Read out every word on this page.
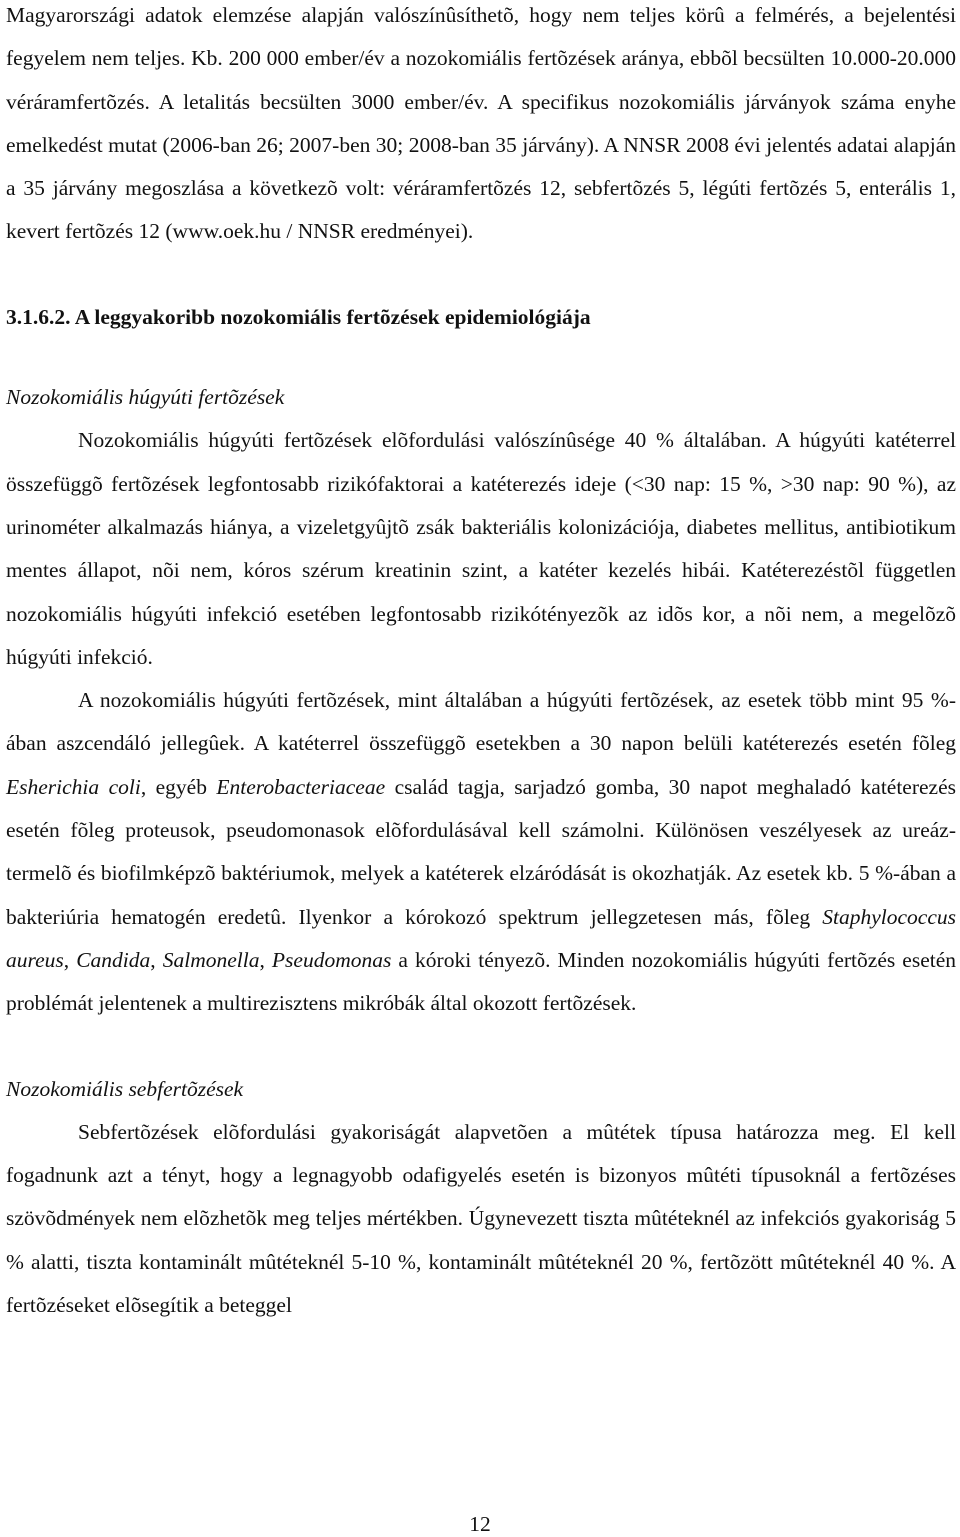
Magyarországi adatok elemzése alapján valószínûsíthetõ, hogy nem teljes körû a felmérés, a bejelentési fegyelem nem teljes. Kb. 200 000 ember/év a nozokomiális fertõzések aránya, ebbõl becsülten 10.000-20.000 véráramfertõzés. A letalitás becsülten 3000 ember/év. A specifikus nozokomiális járványok száma enyhe emelkedést mutat (2006-ban 26; 2007-ben 30; 2008-ban 35 járvány). A NNSR 2008 évi jelentés adatai alapján a 35 járvány megoszlása a következõ volt: véráramfertõzés 12, sebfertõzés 5, légúti fertõzés 5, enterális 1, kevert fertõzés 12 (www.oek.hu / NNSR eredményei).

3.1.6.2. A leggyakoribb nozokomiális fertõzések epidemiológiája

Nozokomiális húgyúti fertõzések

Nozokomiális húgyúti fertõzések elõfordulási valószínûsége 40 % általában. A húgyúti katéterrel összefüggõ fertõzések legfontosabb rizikófaktorai a katéterezés ideje (<30 nap: 15 %, >30 nap: 90 %), az urinométer alkalmazás hiánya, a vizeletgyûjtõ zsák bakteriális kolonizációja, diabetes mellitus, antibiotikum mentes állapot, nõi nem, kóros szérum kreatinin szint, a katéter kezelés hibái. Katéterezéstõl független nozokomiális húgyúti infekció esetében legfontosabb rizikótényezõk az idõs kor, a nõi nem, a megelõzõ húgyúti infekció.

A nozokomiális húgyúti fertõzések, mint általában a húgyúti fertõzések, az esetek több mint 95 %-ában aszcendáló jellegûek. A katéterrel összefüggõ esetekben a 30 napon belüli katéterezés esetén fõleg Esherichia coli, egyéb Enterobacteriaceae család tagja, sarjadzó gomba, 30 napot meghaladó katéterezés esetén fõleg proteusok, pseudomonasok elõfordulásával kell számolni. Különösen veszélyesek az ureáz-termelõ és biofilmképzõ baktériumok, melyek a katéterek elzáródását is okozhatják. Az esetek kb. 5 %-ában a bakteriúria hematogén eredetû. Ilyenkor a kórokozó spektrum jellegzetesen más, fõleg Staphylococcus aureus, Candida, Salmonella, Pseudomonas a kóroki tényezõ. Minden nozokomiális húgyúti fertõzés esetén problémát jelentenek a multirezisztens mikróbák által okozott fertõzések.

Nozokomiális sebfertõzések

Sebfertõzések elõfordulási gyakoriságát alapvetõen a mûtétek típusa határozza meg. El kell fogadnunk azt a tényt, hogy a legnagyobb odafigyelés esetén is bizonyos mûtéti típusoknál a fertõzéses szövõdmények nem elõzhetõk meg teljes mértékben. Úgynevezett tiszta mûtéteknél az infekciós gyakoriság 5 % alatti, tiszta kontaminált mûtéteknél 5-10 %, kontaminált mûtéteknél 20 %, fertõzött mûtéteknél 40 %. A fertõzéseket elõsegítik a beteggel

12
